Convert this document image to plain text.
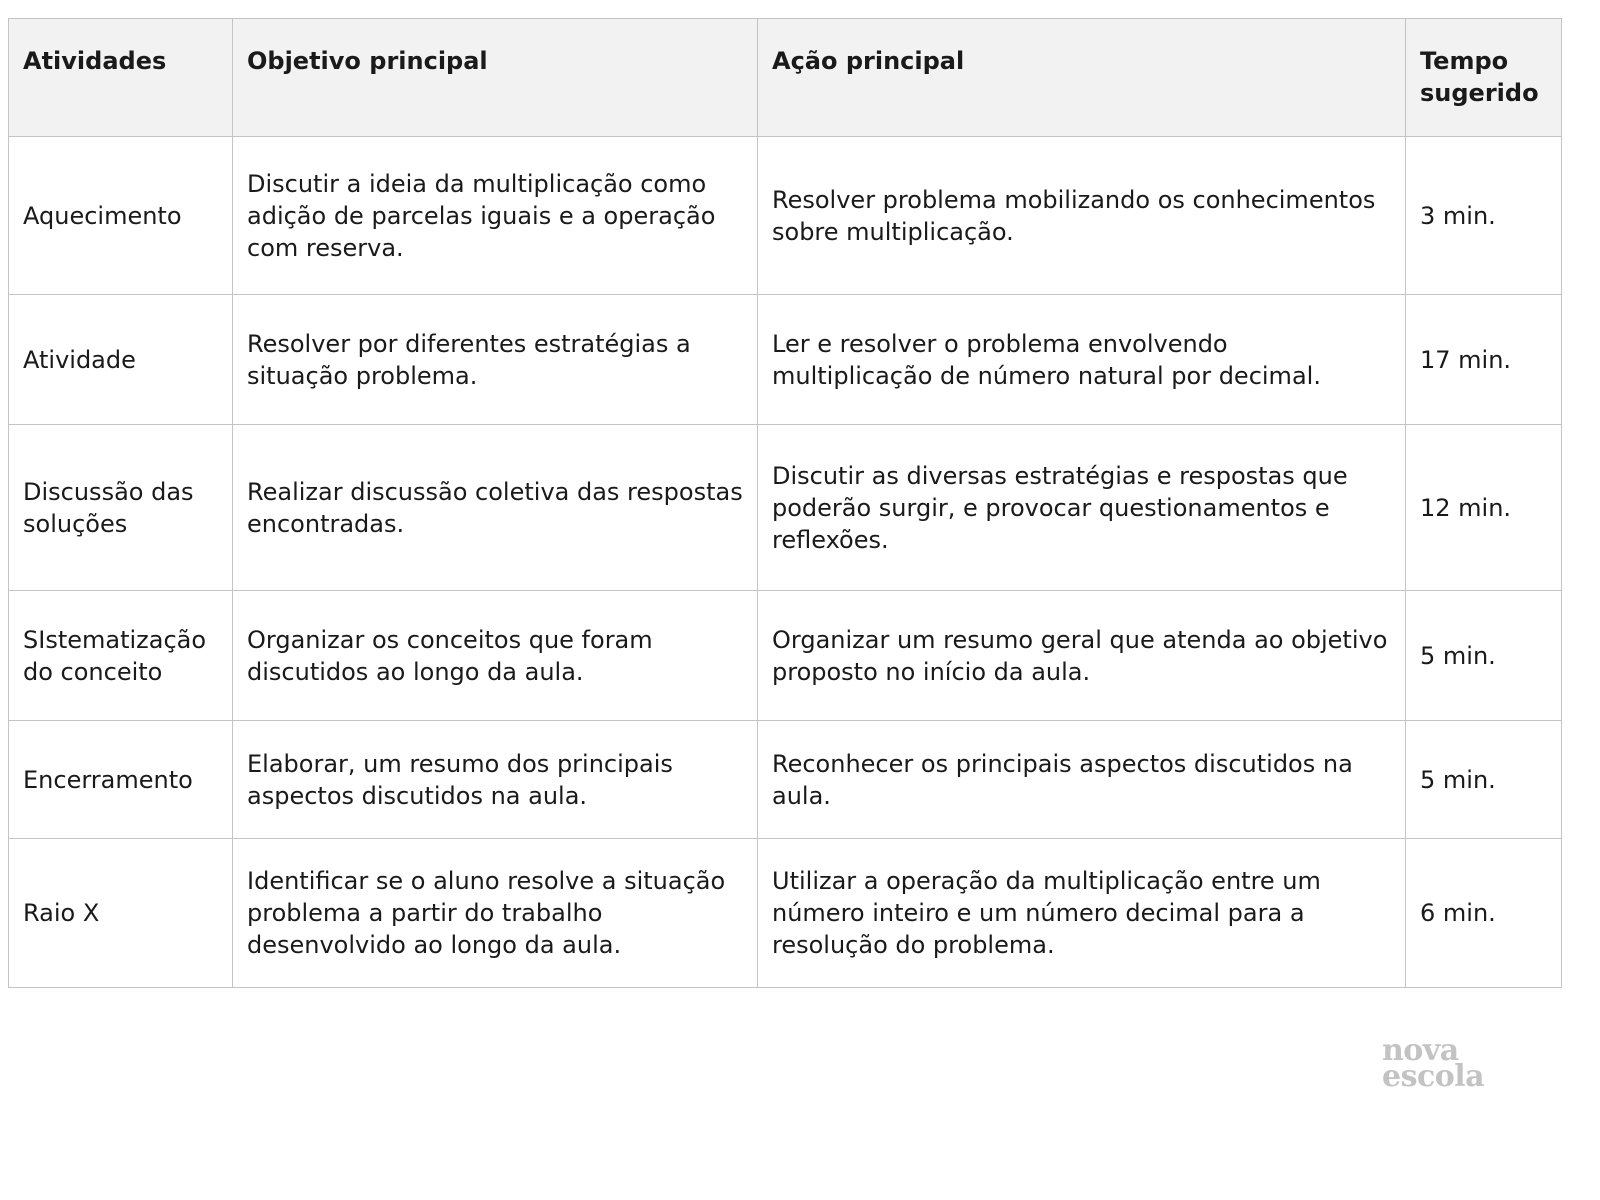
Atividades	Objetivo principal	Ação principal	Tempo sugerido
Aquecimento	Discutir a ideia da multiplicação como adição de parcelas iguais e a operação com reserva.	Resolver problema mobilizando os conhecimentos sobre multiplicação.	3 min.
Atividade	Resolver por diferentes estratégias a situação problema.	Ler e resolver o problema envolvendo multiplicação de número natural por decimal.	17 min.
Discussão das soluções	Realizar discussão coletiva das respostas encontradas.	Discutir as diversas estratégias e respostas que poderão surgir, e provocar questionamentos e reflexões.	12 min.
SIstematização do conceito	Organizar os conceitos que foram discutidos ao longo da aula.	Organizar um resumo geral que atenda ao objetivo proposto no início da aula.	5 min.
Encerramento	Elaborar, um resumo dos principais aspectos discutidos na aula.	Reconhecer os principais aspectos discutidos na aula.	5 min.
Raio X	Identificar se o aluno resolve a situação problema a partir do trabalho desenvolvido ao longo da aula.	Utilizar a operação da multiplicação entre um número inteiro e um número decimal para a resolução do problema.	6 min.
nova
escola
